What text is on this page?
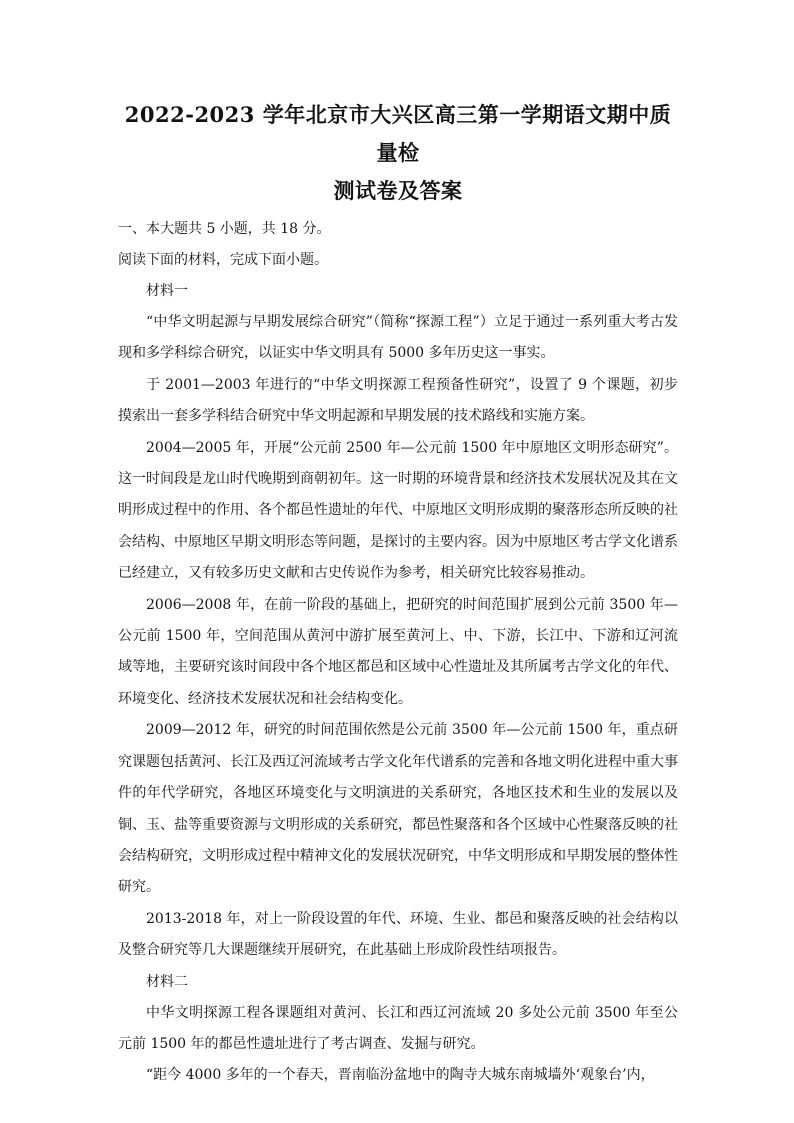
2022-2023 学年北京市大兴区高三第一学期语文期中质量检
测试卷及答案

一、本大题共 5 小题，共 18 分。

阅读下面的材料，完成下面小题。

材料一

“中华文明起源与早期发展综合研究”（简称“探源工程”）立足于通过一系列重大考古发现和多学科综合研究，以证实中华文明具有 5000 多年历史这一事实。

于 2001—2003 年进行的“中华文明探源工程预备性研究”，设置了 9 个课题，初步摸索出一套多学科结合研究中华文明起源和早期发展的技术路线和实施方案。

2004—2005 年，开展“公元前 2500 年—公元前 1500 年中原地区文明形态研究”。这一时间段是龙山时代晚期到商朝初年。这一时期的环境背景和经济技术发展状况及其在文明形成过程中的作用、各个都邑性遗址的年代、中原地区文明形成期的聚落形态所反映的社会结构、中原地区早期文明形态等问题，是探讨的主要内容。因为中原地区考古学文化谱系已经建立，又有较多历史文献和古史传说作为参考，相关研究比较容易推动。

2006—2008 年，在前一阶段的基础上，把研究的时间范围扩展到公元前 3500 年—公元前 1500 年，空间范围从黄河中游扩展至黄河上、中、下游，长江中、下游和辽河流域等地，主要研究该时间段中各个地区都邑和区域中心性遗址及其所属考古学文化的年代、环境变化、经济技术发展状况和社会结构变化。

2009—2012 年，研究的时间范围依然是公元前 3500 年—公元前 1500 年，重点研究课题包括黄河、长江及西辽河流域考古学文化年代谱系的完善和各地文明化进程中重大事件的年代学研究，各地区环境变化与文明演进的关系研究，各地区技术和生业的发展以及铜、玉、盐等重要资源与文明形成的关系研究，都邑性聚落和各个区域中心性聚落反映的社会结构研究，文明形成过程中精神文化的发展状况研究，中华文明形成和早期发展的整体性研究。

2013-2018 年，对上一阶段设置的年代、环境、生业、都邑和聚落反映的社会结构以及整合研究等几大课题继续开展研究，在此基础上形成阶段性结项报告。

材料二

中华文明探源工程各课题组对黄河、长江和西辽河流域 20 多处公元前 3500 年至公元前 1500 年的都邑性遗址进行了考古调查、发掘与研究。

“距今 4000 多年的一个春天，晋南临汾盆地中的陶寺大城东南城墙外‘观象台’内，
